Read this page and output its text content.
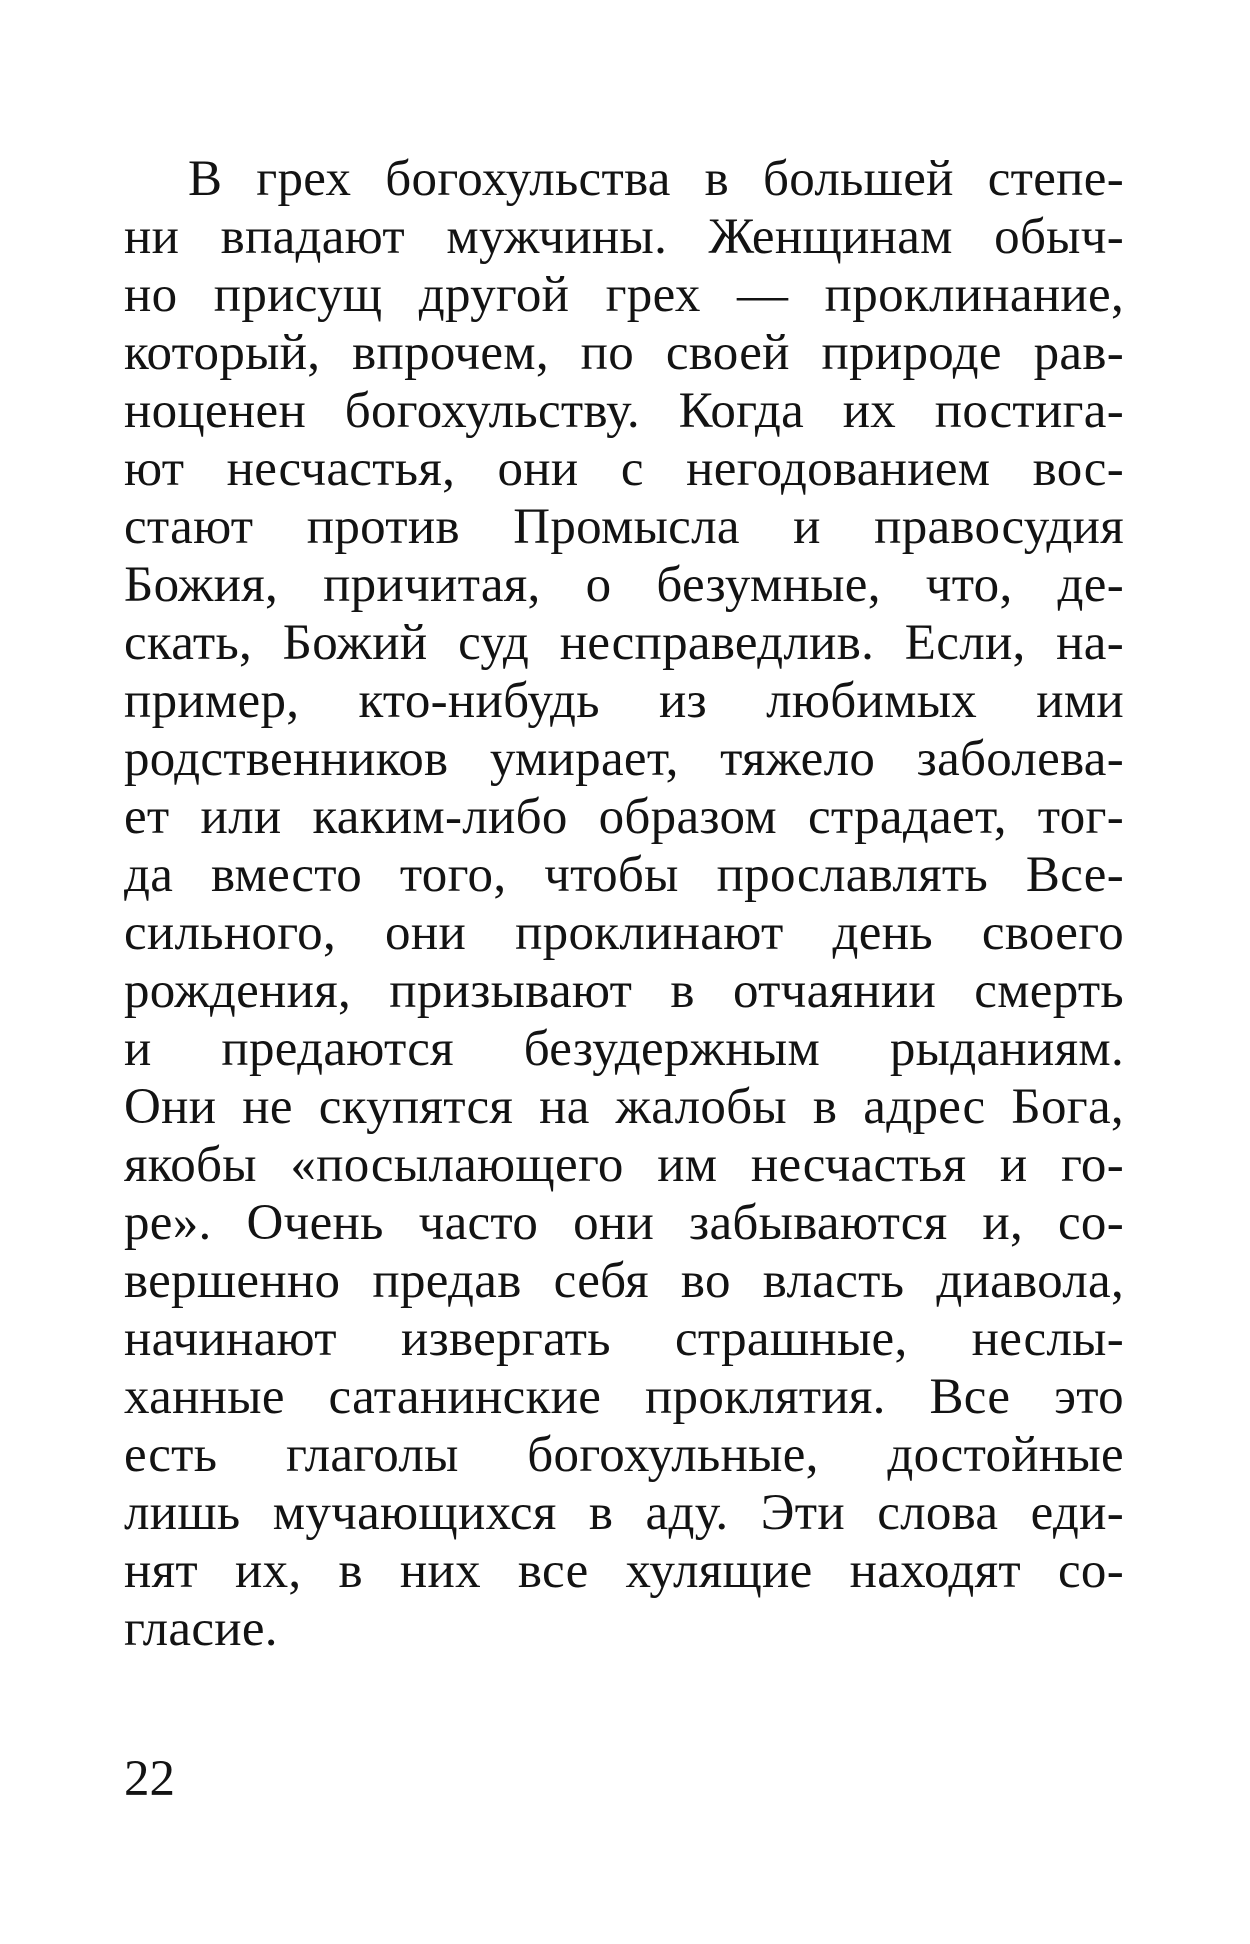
В грех богохульства в большей степе-
ни впадают мужчины. Женщинам обыч-
но присущ другой грех — проклинание,
который, впрочем, по своей природе рав-
ноценен богохульству. Когда их постига-
ют несчастья, они с негодованием вос-
стают против Промысла и правосудия
Божия, причитая, о безумные, что, де-
скать, Божий суд несправедлив. Если, на-
пример, кто-нибудь из любимых ими
родственников умирает, тяжело заболева-
ет или каким-либо образом страдает, тог-
да вместо того, чтобы прославлять Все-
сильного, они проклинают день своего
рождения, призывают в отчаянии смерть
и предаются безудержным рыданиям.
Они не скупятся на жалобы в адрес Бога,
якобы «посылающего им несчастья и го-
ре». Очень часто они забываются и, со-
вершенно предав себя во власть диавола,
начинают извергать страшные, неслы-
ханные сатанинские проклятия. Все это
есть глаголы богохульные, достойные
лишь мучающихся в аду. Эти слова еди-
нят их, в них все хулящие находят со-
гласие.
22
